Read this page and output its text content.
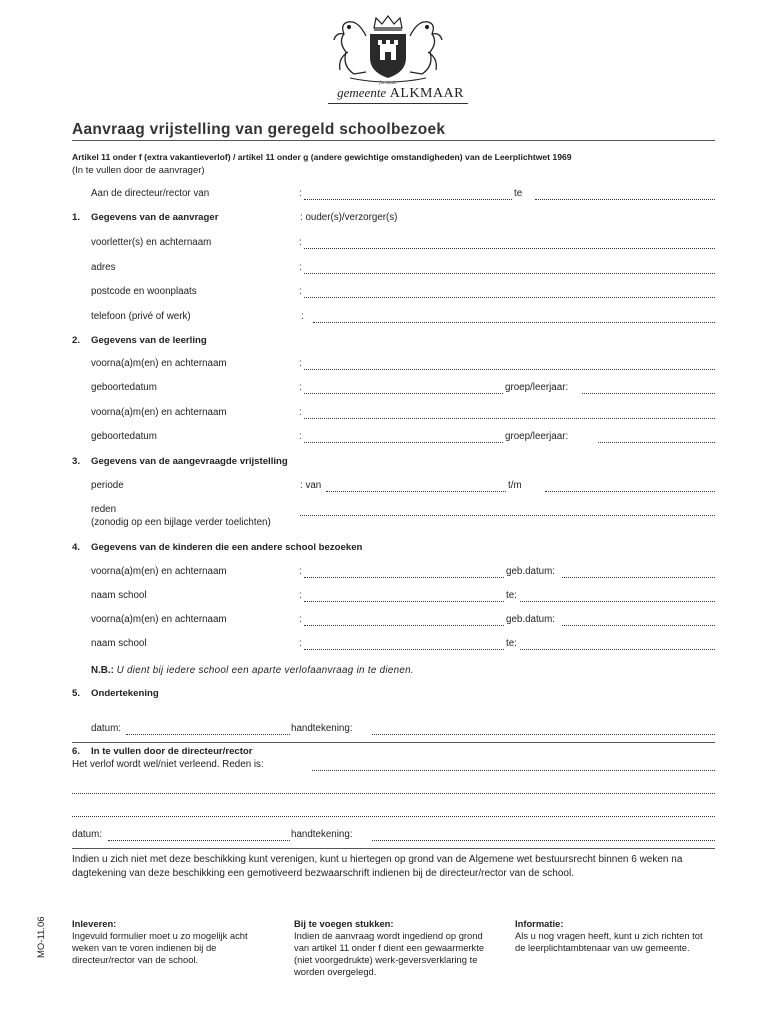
fortitudo
gemeente ALKMAAR
Aanvraag vrijstelling van geregeld schoolbezoek
Artikel 11 onder f (extra vakantieverlof) / artikel 11 onder g (andere gewichtige omstandigheden) van de Leerplichtwet 1969
(In te vullen door de aanvrager)
Aan de directeur/rector van	:	te
1. Gegevens van de aanvrager	: ouder(s)/verzorger(s)
voorletter(s) en achternaam	:
adres	:
postcode en woonplaats	:
telefoon (privé of werk)	:
2. Gegevens van de leerling
voorna(a)m(en) en achternaam	:
geboortedatum	:	groep/leerjaar:
voorna(a)m(en) en achternaam	:
geboortedatum	:	groep/leerjaar:
3. Gegevens van de aangevraagde vrijstelling
periode	: van	t/m
reden
(zonodig op een bijlage verder toelichten)
4. Gegevens van de kinderen die een andere school bezoeken
voorna(a)m(en) en achternaam	:	geb.datum:
naam school	:	te:
voorna(a)m(en) en achternaam	:	geb.datum:
naam school	:	te:
N.B.: U dient bij iedere school een aparte verlofaanvraag in te dienen.
5. Ondertekening
datum:	handtekening:
6. In te vullen door de directeur/rector
Het verlof wordt wel/niet verleend. Reden is:
datum:	handtekening:
Indien u zich niet met deze beschikking kunt verenigen, kunt u hiertegen op grond van de Algemene wet bestuursrecht binnen 6 weken na dagtekening van deze beschikking een gemotiveerd bezwaarschrift indienen bij de directeur/rector van de school.
Inleveren:
Ingevuld formulier moet u zo mogelijk acht weken van te voren indienen bij de directeur/rector van de school.
Bij te voegen stukken:
Indien de aanvraag wordt ingediend op grond van artikel 11 onder f dient een gewaarmerkte (niet voorgedrukte) werk-geversverklaring te worden overgelegd.
Informatie:
Als u nog vragen heeft, kunt u zich richten tot de leerplichtambtenaar van uw gemeente.
MO-11.06
